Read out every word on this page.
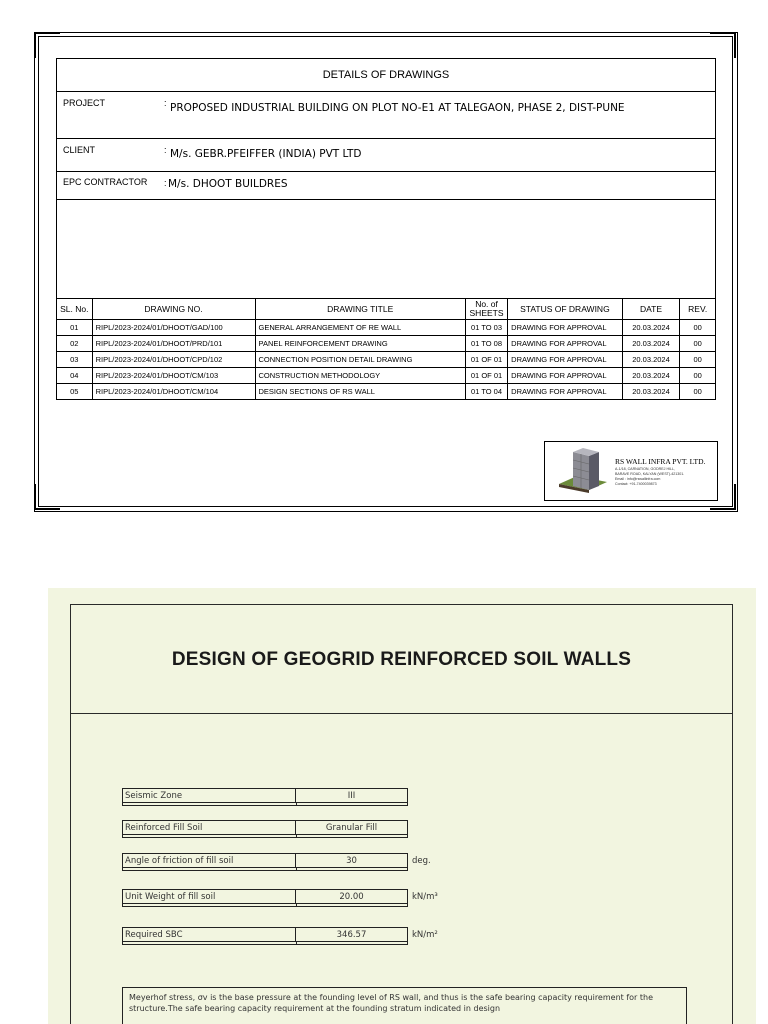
DETAILS OF DRAWINGS
PROJECT	: PROPOSED INDUSTRIAL BUILDING ON PLOT NO-E1 AT TALEGAON, PHASE 2, DIST-PUNE
CLIENT	: M/s. GEBR.PFEIFFER (INDIA) PVT LTD
EPC CONTRACTOR : M/s. DHOOT BUILDRES
SL. No.	DRAWING NO.	DRAWING TITLE	No. of SHEETS	STATUS OF DRAWING	DATE	REV.
01	RIPL/2023-2024/01/DHOOT/GAD/100	GENERAL ARRANGEMENT OF RE WALL	01 TO 03	DRAWING FOR APPROVAL	20.03.2024	00
02	RIPL/2023-2024/01/DHOOT/PRD/101	PANEL REINFORCEMENT DRAWING	01 TO 08	DRAWING FOR APPROVAL	20.03.2024	00
03	RIPL/2023-2024/01/DHOOT/CPD/102	CONNECTION POSITION DETAIL DRAWING	01 OF 01	DRAWING FOR APPROVAL	20.03.2024	00
04	RIPL/2023-2024/01/DHOOT/CM/103	CONSTRUCTION METHODOLOGY	01 OF 01	DRAWING FOR APPROVAL	20.03.2024	00
05	RIPL/2023-2024/01/DHOOT/CM/104	DESIGN SECTIONS OF RS WALL	01 TO 04	DRAWING FOR APPROVAL	20.03.2024	00
RS WALL INFRA PVT. LTD.
A-1/18, CARNATION, GODREJ HILL,
BARAVE ROAD, KALYAN (WEST)-421301.
Email : info@rswallinfra.com
Contact: +91-7400039873
DESIGN OF GEOGRID REINFORCED SOIL WALLS
Seismic Zone	III
Reinforced Fill Soil	Granular Fill
Angle of friction of fill soil	30	deg.
Unit Weight of fill soil	20.00	kN/m³
Required SBC	346.57	kN/m²
Meyerhof stress, σv is the base pressure at the founding level of RS wall, and thus is the safe bearing capacity requirement for the structure.The safe bearing capacity requirement at the founding stratum indicated in design
